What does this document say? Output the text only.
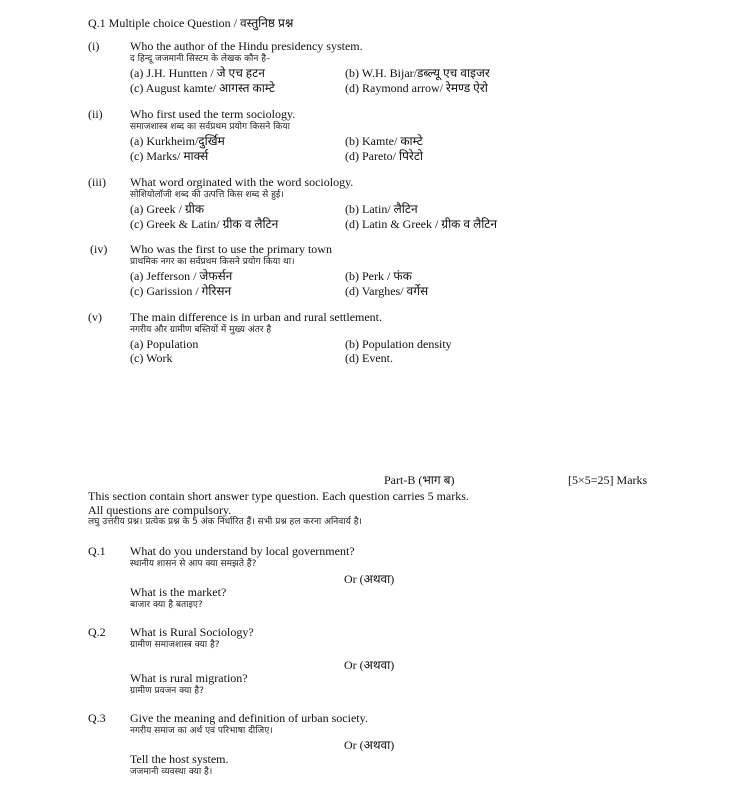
Q.1 Multiple choice Question / वस्तुनिष्ठ प्रश्न
(i)	Who the author of the Hindu presidency system.
द हिन्दू जजमानी सिस्टम के लेखक कौन है–
(a) J.H. Huntten / जे एच हटन	(b) W.H. Bijar/डब्ल्यू एच वाइजर
(c) August kamte/ आगस्त काम्टे	(d) Raymond arrow/ रेमण्ड ऐरो
(ii) Who first used the term sociology.
समाजशास्त्र शब्द का सर्वप्रथम प्रयोग किसने किया
(a) Kurkheim/दुर्खिम	(b) Kamte/ काम्टे
(c) Marks/ मार्क्स	(d) Pareto/ पिरेटो
(iii) What word orginated with the word sociology.
सोशियोलॉजी शब्द की उत्पत्ति किस शब्द से हुई।
(a) Greek / ग्रीक	(b) Latin/ लैटिन
(c) Greek & Latin/ ग्रीक व लैटिन	(d) Latin & Greek / ग्रीक व लैटिन
(iv) Who was the first to use the primary town
प्राथमिक नगर का सर्वप्रथम किसने प्रयोग किया था।
(a) Jefferson / जेफर्सन	(b) Perk / फंक
(c) Garission / गेरिसन	(d) Varghes/ वर्गेस
(v) The main difference is in urban and rural settlement.
नगरीय और ग्रामीण बस्तियों में मुख्य अंतर है
(a) Population	(b) Population density
(c) Work	(d) Event.
Part-B (भाग ब)	[5×5=25] Marks
This section contain short answer type question. Each question carries 5 marks.
All questions are compulsory.
लघु उत्तरीय प्रश्न। प्रत्येक प्रश्न के 5 अंक निर्धारित हैं। सभी प्रश्न हल करना अनिवार्य है।
Q.1 What do you understand by local government?
स्थानीय शासन से आप क्या समझते हैं?
Or (अथवा)
What is the market?
बाजार क्या है बताइए?
Q.2 What is Rural Sociology?
ग्रामीण समाजशास्त्र क्या है?
Or (अथवा)
What is rural migration?
ग्रामीण प्रवजन क्या है?
Q.3 Give the meaning and definition of urban society.
नगरीय समाज का अर्थ एवं परिभाषा दीजिए।
Or (अथवा)
Tell the host system.
जजमानी व्यवस्था क्या है।
